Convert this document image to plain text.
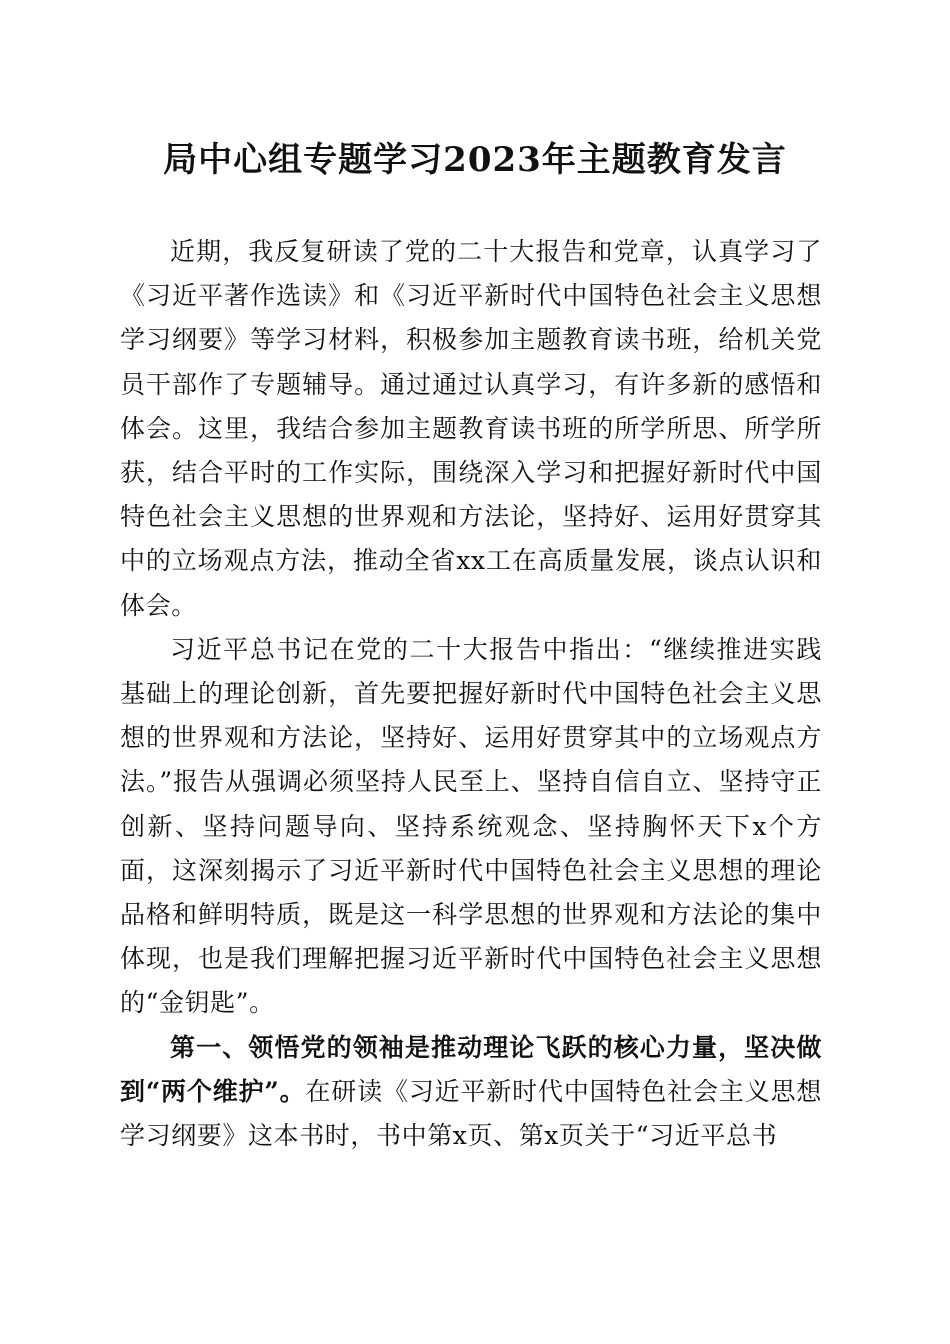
局中心组专题学习2023年主题教育发言

近期，我反复研读了党的二十大报告和党章，认真学习了《习近平著作选读》和《习近平新时代中国特色社会主义思想学习纲要》等学习材料，积极参加主题教育读书班，给机关党员干部作了专题辅导。通过通过认真学习，有许多新的感悟和体会。这里，我结合参加主题教育读书班的所学所思、所学所获，结合平时的工作实际，围绕深入学习和把握好新时代中国特色社会主义思想的世界观和方法论，坚持好、运用好贯穿其中的立场观点方法，推动全省xx工在高质量发展，谈点认识和体会。

习近平总书记在党的二十大报告中指出：“继续推进实践基础上的理论创新，首先要把握好新时代中国特色社会主义思想的世界观和方法论，坚持好、运用好贯穿其中的立场观点方法。”报告从强调必须坚持人民至上、坚持自信自立、坚持守正创新、坚持问题导向、坚持系统观念、坚持胸怀天下x个方面，这深刻揭示了习近平新时代中国特色社会主义思想的理论品格和鲜明特质，既是这一科学思想的世界观和方法论的集中体现，也是我们理解把握习近平新时代中国特色社会主义思想的“金钥匙”。

第一、领悟党的领袖是推动理论飞跃的核心力量，坚决做到“两个维护”。在研读《习近平新时代中国特色社会主义思想学习纲要》这本书时，书中第x页、第x页关于“习近平总书
